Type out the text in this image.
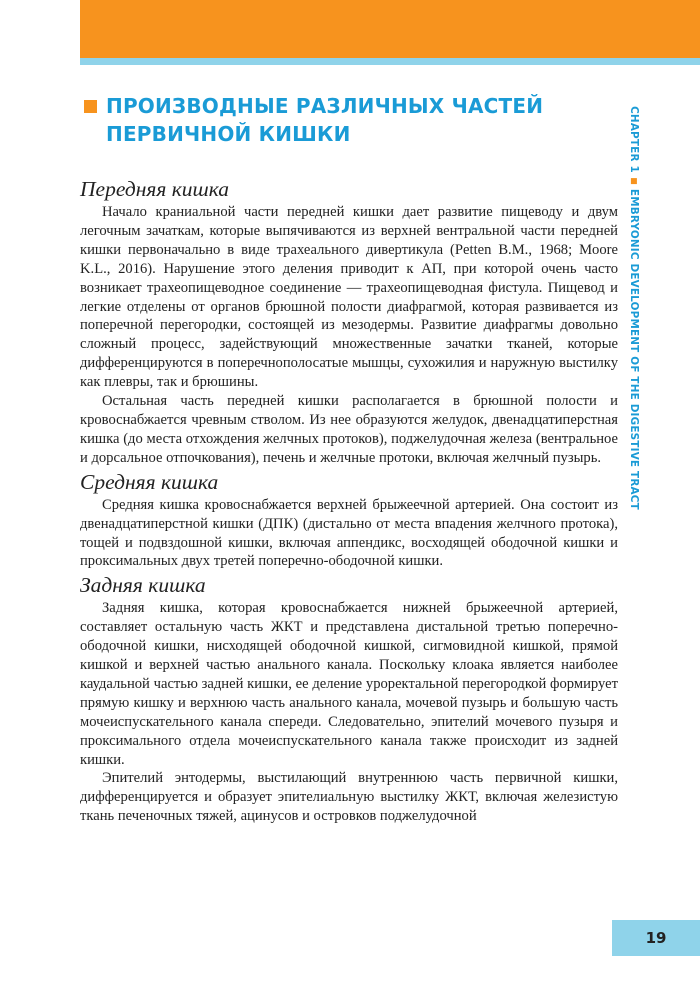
ПРОИЗВОДНЫЕ РАЗЛИЧНЫХ ЧАСТЕЙ ПЕРВИЧНОЙ КИШКИ	CHAPTER 1EMBRYONIC DEVELOPMENT OF THE DIGESTIVE TRACT
Передняя кишка

Начало краниальной части передней кишки дает развитие пищеводу и двум легочным зачаткам, которые выпячиваются из верхней вентральной части передней кишки первоначально в виде трахеального дивертикула (Petten B.M., 1968; Moore K.L., 2016). Нарушение этого деления приводит к АП, при которой очень часто возникает трахеопищеводное соединение — трахеопищеводная фистула. Пищевод и легкие отделены от органов брюшной полости диафрагмой, которая развивается из поперечной перегородки, состоящей из мезодермы. Развитие диафрагмы довольно сложный процесс, задействующий множественные зачатки тканей, которые дифференцируются в поперечнополосатые мышцы, сухожилия и наружную выстилку как плевры, так и брюшины.

Остальная часть передней кишки располагается в брюшной полости и кровоснабжается чревным стволом. Из нее образуются желудок, двенадцатиперстная кишка (до места отхождения желчных протоков), поджелудочная железа (вентральное и дорсальное отпочкования), печень и желчные протоки, включая желчный пузырь.

Средняя кишка

Средняя кишка кровоснабжается верхней брыжеечной артерией. Она состоит из двенадцатиперстной кишки (ДПК) (дистально от места впадения желчного протока), тощей и подвздошной кишки, включая аппендикс, восходящей ободочной кишки и проксимальных двух третей поперечно-ободочной кишки.

Задняя кишка

Задняя кишка, которая кровоснабжается нижней брыжеечной артерией, составляет остальную часть ЖКТ и представлена дистальной третью поперечно-ободочной кишки, нисходящей ободочной кишкой, сигмовидной кишкой, прямой кишкой и верхней частью анального канала. Поскольку клоака является наиболее каудальной частью задней кишки, ее деление уроректальной перегородкой формирует прямую кишку и верхнюю часть анального канала, мочевой пузырь и большую часть мочеиспускательного канала спереди. Следовательно, эпителий мочевого пузыря и проксимального отдела мочеиспускательного канала также происходит из задней кишки.

Эпителий энтодермы, выстилающий внутреннюю часть первичной кишки, дифференцируется и образует эпителиальную выстилку ЖКТ, включая железистую ткань печеночных тяжей, ацинусов и островков поджелудочной

19
